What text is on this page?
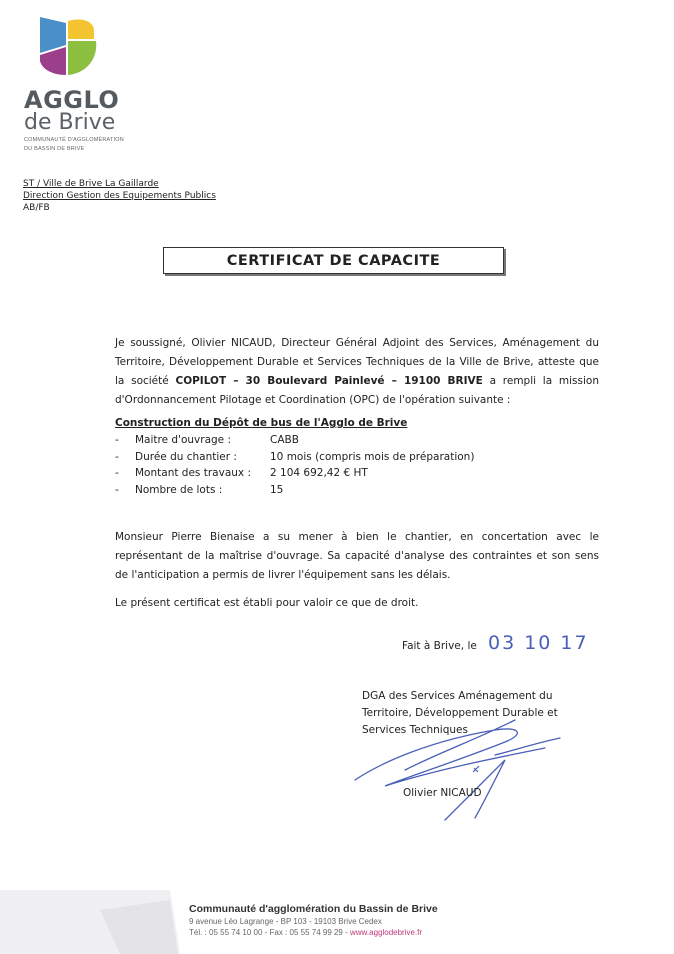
AGGLO
de Brive
COMMUNAUTÉ D'AGGLOMÉRATION
DU BASSIN DE BRIVE
ST / Ville de Brive La Gaillarde
Direction Gestion des Equipements Publics
AB/FB
CERTIFICAT DE CAPACITE
Je soussigné, Olivier NICAUD, Directeur Général Adjoint des Services, Aménagement du Territoire, Développement Durable et Services Techniques de la Ville de Brive, atteste que la société COPILOT – 30 Boulevard Painlevé – 19100 BRIVE a rempli la mission d'Ordonnancement Pilotage et Coordination (OPC) de l'opération suivante :
Construction du Dépôt de bus de l'Agglo de Brive
-	Maitre d'ouvrage :	CABB
-	Durée du chantier :	10 mois (compris mois de préparation)
-	Montant des travaux :	2 104 692,42 € HT
-	Nombre de lots :	15
Monsieur Pierre Bienaise a su mener à bien le chantier, en concertation avec le représentant de la maîtrise d'ouvrage. Sa capacité d'analyse des contraintes et son sens de l'anticipation a permis de livrer l'équipement sans les délais.
Le présent certificat est établi pour valoir ce que de droit.
Fait à Brive, le 03 10 17
DGA des Services Aménagement du
Territoire, Développement Durable et
Services Techniques
Olivier NICAUD
Communauté d'agglomération du Bassin de Brive
9 avenue Léo Lagrange - BP 103 - 19103 Brive Cedex
Tél. : 05 55 74 10 00 - Fax : 05 55 74 99 29 - www.agglodebrive.fr
